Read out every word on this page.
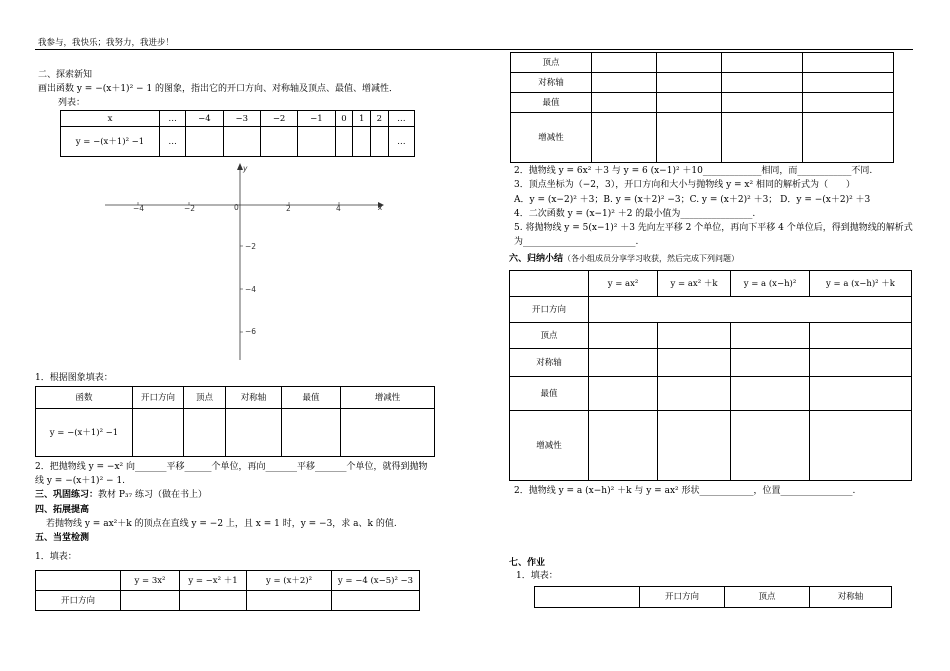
我参与，我快乐；我努力，我进步！
二、探索新知
画出函数 y = −(x＋1)² − 1 的图象，指出它的开口方向、对称轴及顶点、最值、增减性．
列表：
x	…	−4	−3	−2	−1	0	1	2	…
y = −(x＋1)² −1	…								…
y
x
−4	−2	0	2	4
−2
−4
−6
1．根据图象填表：
函数	开口方向	顶点	对称轴	最值	增减性
y = −(x＋1)² −1					
2．把抛物线 y = −x² 向_______平移______个单位，再向_______平移_______个单位，就得到抛物
线 y = −(x＋1)² − 1.
三、巩固练习：教材 P₃₇ 练习（做在书上）
四、拓展提高
若抛物线 y = ax²＋k 的顶点在直线 y = −2 上，且 x = 1 时，y = −3，求 a、k 的值.
五、当堂检测
1．填表：
	y = 3x²	y = −x² ＋1	y = (x＋2)²	y = −4 (x−5)² −3
开口方向				
顶点				
对称轴				
最值				
增减性				
2．抛物线 y = 6x² ＋3 与 y = 6 (x−1)² ＋10_____________相同，而____________不同.
3．顶点坐标为（−2，3），开口方向和大小与抛物线 y = x² 相同的解析式为（　　）
A．y = (x−2)² ＋3；B. y = (x＋2)² −3；C. y = (x＋2)² ＋3； D．y = −(x＋2)² ＋3
4．二次函数 y = (x−1)² ＋2 的最小值为________________.
5. 将抛物线 y = 5(x−1)² ＋3 先向左平移 2 个单位，再向下平移 4 个单位后，得到抛物线的解析式
为_________________________.
六、归纳小结（各小组成员分享学习收获，然后完成下列问题）
	y = ax²	y = ax² ＋k	y = a (x−h)²	y = a (x−h)² ＋k
开口方向				
顶点				
对称轴				
最值				
增减性				
2．抛物线 y = a (x−h)² ＋k 与 y = ax² 形状____________，位置________________.
七、作业
1．填表：
	开口方向	顶点	对称轴
